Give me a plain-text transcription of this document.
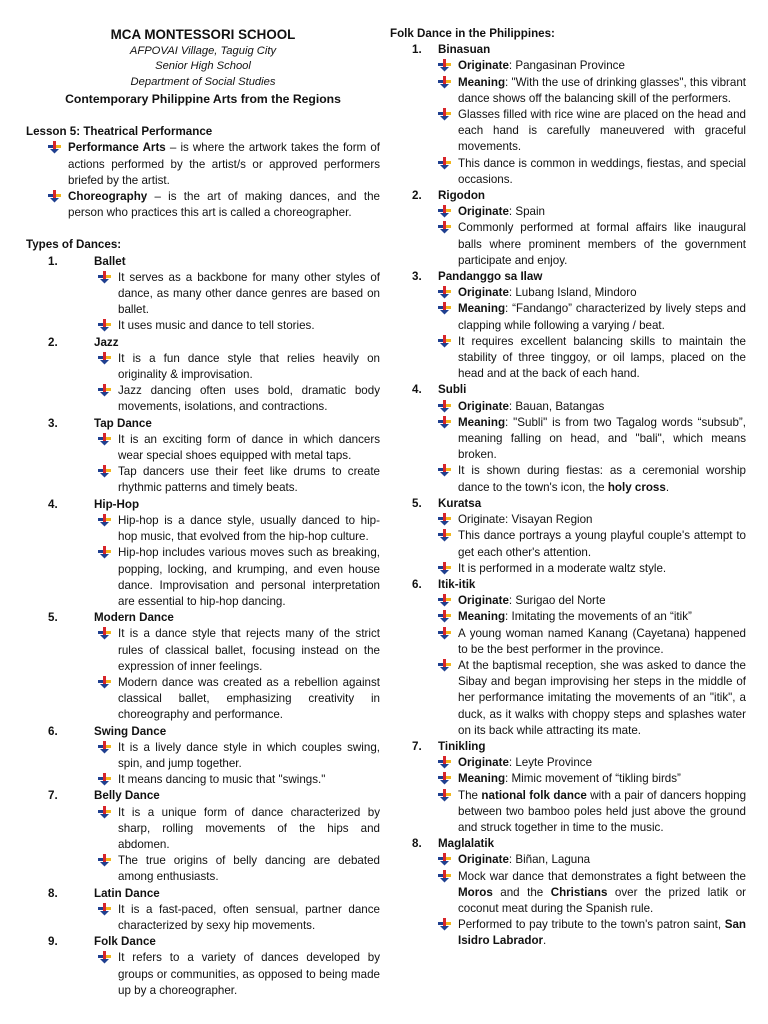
MCA MONTESSORI SCHOOL
AFPOVAI Village, Taguig City
Senior High School
Department of Social Studies
Contemporary Philippine Arts from the Regions
Lesson 5: Theatrical Performance
Performance Arts – is where the artwork takes the form of actions performed by the artist/s or approved performers briefed by the artist.
Choreography – is the art of making dances, and the person who practices this art is called a choreographer.
Types of Dances:
1.	Ballet
It serves as a backbone for many other styles of dance, as many other dance genres are based on ballet.
It uses music and dance to tell stories.
2.	Jazz
It is a fun dance style that relies heavily on originality & improvisation.
Jazz dancing often uses bold, dramatic body movements, isolations, and contractions.
3.	Tap Dance
It is an exciting form of dance in which dancers wear special shoes equipped with metal taps.
Tap dancers use their feet like drums to create rhythmic patterns and timely beats.
4.	Hip-Hop
Hip-hop is a dance style, usually danced to hip-hop music, that evolved from the hip-hop culture.
Hip-hop includes various moves such as breaking, popping, locking, and krumping, and even house dance. Improvisation and personal interpretation are essential to hip-hop dancing.
5.	Modern Dance
It is a dance style that rejects many of the strict rules of classical ballet, focusing instead on the expression of inner feelings.
Modern dance was created as a rebellion against classical ballet, emphasizing creativity in choreography and performance.
6.	Swing Dance
It is a lively dance style in which couples swing, spin, and jump together.
It means dancing to music that "swings."
7.	Belly Dance
It is a unique form of dance characterized by sharp, rolling movements of the hips and abdomen.
The true origins of belly dancing are debated among enthusiasts.
8.	Latin Dance
It is a fast-paced, often sensual, partner dance characterized by sexy hip movements.
9.	Folk Dance
It refers to a variety of dances developed by groups or communities, as opposed to being made up by a choreographer.
Folk Dance in the Philippines:
1.	Binasuan
Originate: Pangasinan Province
Meaning: "With the use of drinking glasses", this vibrant dance shows off the balancing skill of the performers.
Glasses filled with rice wine are placed on the head and each hand is carefully maneuvered with graceful movements.
This dance is common in weddings, fiestas, and special occasions.
2.	Rigodon
Originate: Spain
Commonly performed at formal affairs like inaugural balls where prominent members of the government participate and enjoy.
3.	Pandanggo sa Ilaw
Originate: Lubang Island, Mindoro
Meaning: “Fandango” characterized by lively steps and clapping while following a varying / beat.
It requires excellent balancing skills to maintain the stability of three tinggoy, or oil lamps, placed on the head and at the back of each hand.
4.	Subli
Originate: Bauan, Batangas
Meaning: "Subli" is from two Tagalog words “subsub”, meaning falling on head, and "bali", which means broken.
It is shown during fiestas: as a ceremonial worship dance to the town's icon, the holy cross.
5.	Kuratsa
Originate: Visayan Region
This dance portrays a young playful couple's attempt to get each other's attention.
It is performed in a moderate waltz style.
6.	Itik-itik
Originate: Surigao del Norte
Meaning: Imitating the movements of an “itik”
A young woman named Kanang (Cayetana) happened to be the best performer in the province.
At the baptismal reception, she was asked to dance the Sibay and began improvising her steps in the middle of her performance imitating the movements of an "itik", a duck, as it walks with choppy steps and splashes water on its back while attracting its mate.
7.	Tinikling
Originate: Leyte Province
Meaning: Mimic movement of “tikling birds”
The national folk dance with a pair of dancers hopping between two bamboo poles held just above the ground and struck together in time to the music.
8.	Maglalatik
Originate: Biñan, Laguna
Mock war dance that demonstrates a fight between the Moros and the Christians over the prized latik or coconut meat during the Spanish rule.
Performed to pay tribute to the town's patron saint, San Isidro Labrador.
